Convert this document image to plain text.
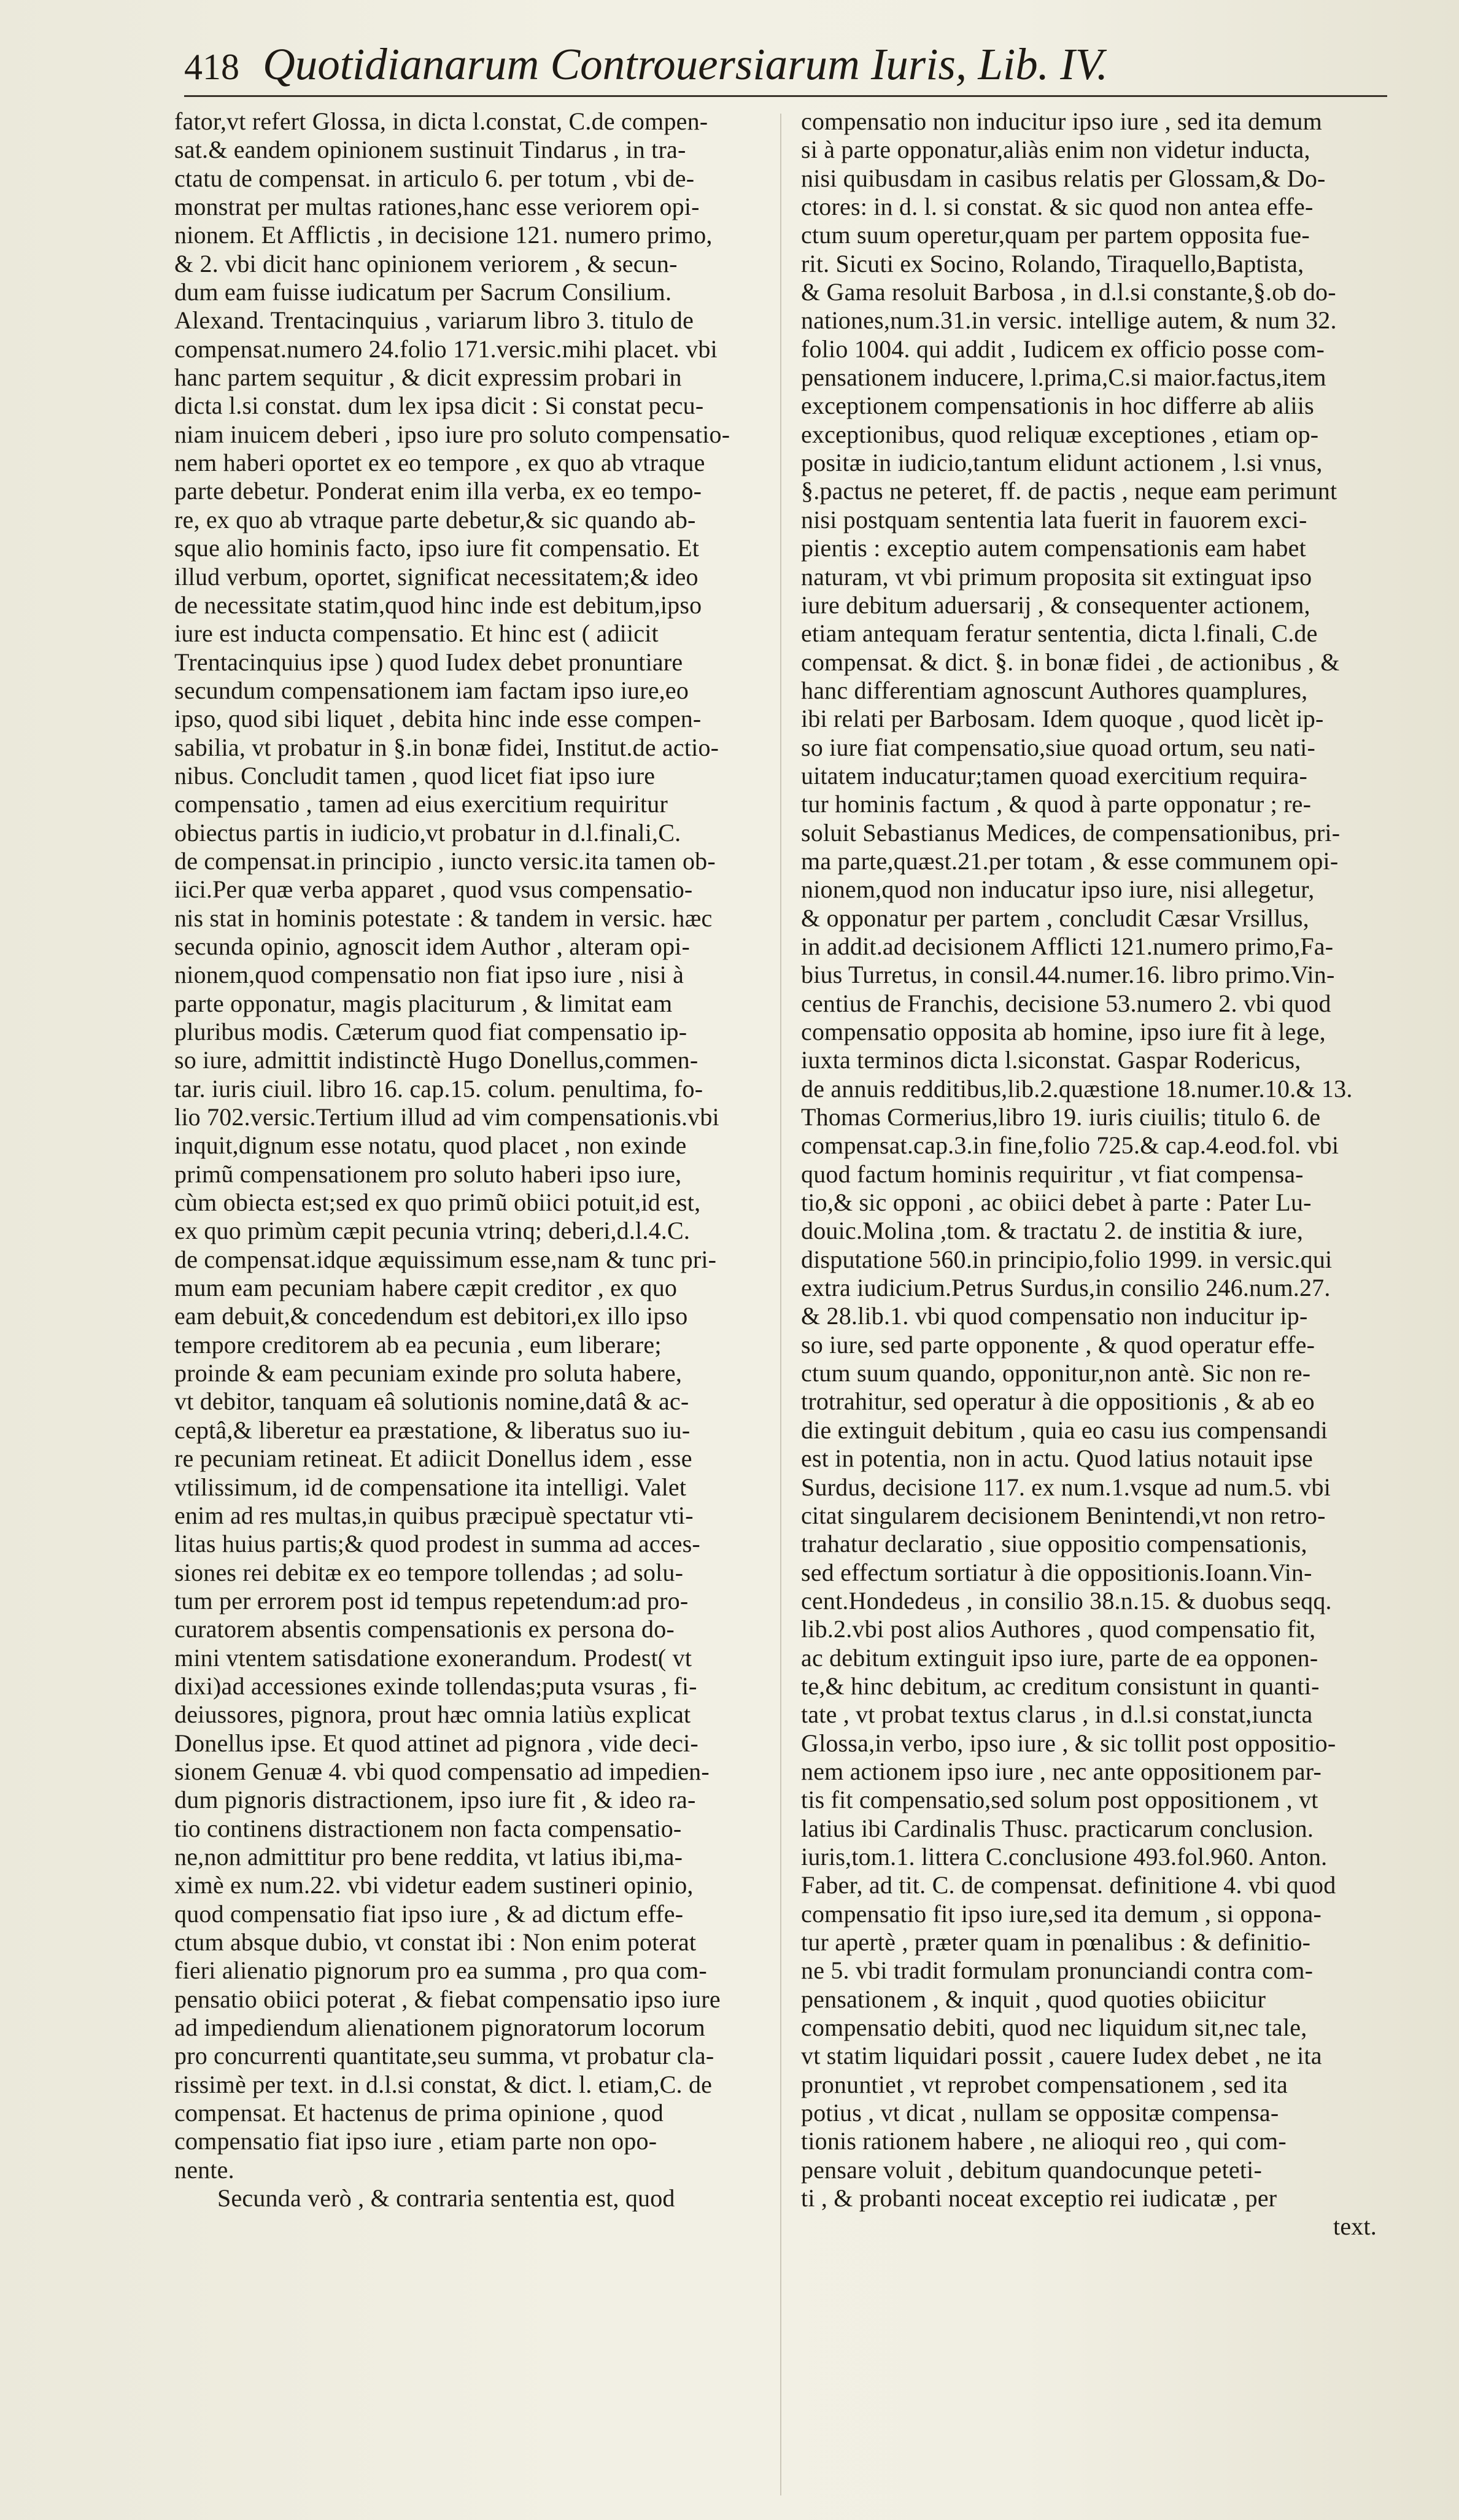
418 Quotidianarum Controuersiarum Iuris, Lib. IV.
fator,vt refert Glossa, in dicta l.constat, C.de compen-
sat.& eandem opinionem sustinuit Tindarus , in tra-
ctatu de compensat. in articulo 6. per totum , vbi de-
monstrat per multas rationes,hanc esse veriorem opi-
nionem. Et Afflictis , in decisione 121. numero primo,
& 2. vbi dicit hanc opinionem veriorem , & secun-
dum eam fuisse iudicatum per Sacrum Consilium.
Alexand. Trentacinquius , variarum libro 3. titulo de
compensat.numero 24.folio 171.versic.mihi placet. vbi
hanc partem sequitur , & dicit expressim probari in
dicta l.si constat. dum lex ipsa dicit : Si constat pecu-
niam inuicem deberi , ipso iure pro soluto compensatio-
nem haberi oportet ex eo tempore , ex quo ab vtraque
parte debetur. Ponderat enim illa verba, ex eo tempo-
re, ex quo ab vtraque parte debetur,& sic quando ab-
sque alio hominis facto, ipso iure fit compensatio. Et
illud verbum, oportet, significat necessitatem;& ideo
de necessitate statim,quod hinc inde est debitum,ipso
iure est inducta compensatio. Et hinc est ( adiicit
Trentacinquius ipse ) quod Iudex debet pronuntiare
secundum compensationem iam factam ipso iure,eo
ipso, quod sibi liquet , debita hinc inde esse compen-
sabilia, vt probatur in §.in bonæ fidei, Institut.de actio-
nibus. Concludit tamen , quod licet fiat ipso iure
compensatio , tamen ad eius exercitium requiritur
obiectus partis in iudicio,vt probatur in d.l.finali,C.
de compensat.in principio , iuncto versic.ita tamen ob-
iici.Per quæ verba apparet , quod vsus compensatio-
nis stat in hominis potestate : & tandem in versic. hæc
secunda opinio, agnoscit idem Author , alteram opi-
nionem,quod compensatio non fiat ipso iure , nisi à
parte opponatur, magis placiturum , & limitat eam
pluribus modis. Cæterum quod fiat compensatio ip-
so iure, admittit indistinctè Hugo Donellus,commen-
tar. iuris ciuil. libro 16. cap.15. colum. penultima, fo-
lio 702.versic.Tertium illud ad vim compensationis.vbi
inquit,dignum esse notatu, quod placet , non exinde
primũ compensationem pro soluto haberi ipso iure,
cùm obiecta est;sed ex quo primũ obiici potuit,id est,
ex quo primùm cæpit pecunia vtrinq; deberi,d.l.4.C.
de compensat.idque æquissimum esse,nam & tunc pri-
mum eam pecuniam habere cæpit creditor , ex quo
eam debuit,& concedendum est debitori,ex illo ipso
tempore creditorem ab ea pecunia , eum liberare;
proinde & eam pecuniam exinde pro soluta habere,
vt debitor, tanquam eâ solutionis nomine,datâ & ac-
ceptâ,& liberetur ea præstatione, & liberatus suo iu-
re pecuniam retineat. Et adiicit Donellus idem , esse
vtilissimum, id de compensatione ita intelligi. Valet
enim ad res multas,in quibus præcipuè spectatur vti-
litas huius partis;& quod prodest in summa ad acces-
siones rei debitæ ex eo tempore tollendas ; ad solu-
tum per errorem post id tempus repetendum:ad pro-
curatorem absentis compensationis ex persona do-
mini vtentem satisdatione exonerandum. Prodest( vt
dixi)ad accessiones exinde tollendas;puta vsuras , fi-
deiussores, pignora, prout hæc omnia latiùs explicat
Donellus ipse. Et quod attinet ad pignora , vide deci-
sionem Genuæ 4. vbi quod compensatio ad impedien-
dum pignoris distractionem, ipso iure fit , & ideo ra-
tio continens distractionem non facta compensatio-
ne,non admittitur pro bene reddita, vt latius ibi,ma-
ximè ex num.22. vbi videtur eadem sustineri opinio,
quod compensatio fiat ipso iure , & ad dictum effe-
ctum absque dubio, vt constat ibi : Non enim poterat
fieri alienatio pignorum pro ea summa , pro qua com-
pensatio obiici poterat , & fiebat compensatio ipso iure
ad impediendum alienationem pignoratorum locorum
pro concurrenti quantitate,seu summa, vt probatur cla-
rissimè per text. in d.l.si constat, & dict. l. etiam,C. de
compensat. Et hactenus de prima opinione , quod
compensatio fiat ipso iure , etiam parte non opo-
nente.
Secunda verò , & contraria sententia est, quod
compensatio non inducitur ipso iure , sed ita demum
si à parte opponatur,aliàs enim non videtur inducta,
nisi quibusdam in casibus relatis per Glossam,& Do-
ctores: in d. l. si constat. & sic quod non antea effe-
ctum suum operetur,quam per partem opposita fue-
rit. Sicuti ex Socino, Rolando, Tiraquello,Baptista,
& Gama resoluit Barbosa , in d.l.si constante,§.ob do-
nationes,num.31.in versic. intellige autem, & num 32.
folio 1004. qui addit , Iudicem ex officio posse com-
pensationem inducere, l.prima,C.si maior.factus,item
exceptionem compensationis in hoc differre ab aliis
exceptionibus, quod reliquæ exceptiones , etiam op-
positæ in iudicio,tantum elidunt actionem , l.si vnus,
§.pactus ne peteret, ff. de pactis , neque eam perimunt
nisi postquam sententia lata fuerit in fauorem exci-
pientis : exceptio autem compensationis eam habet
naturam, vt vbi primum proposita sit extinguat ipso
iure debitum aduersarij , & consequenter actionem,
etiam antequam feratur sententia, dicta l.finali, C.de
compensat. & dict. §. in bonæ fidei , de actionibus , &
hanc differentiam agnoscunt Authores quamplures,
ibi relati per Barbosam. Idem quoque , quod licèt ip-
so iure fiat compensatio,siue quoad ortum, seu nati-
uitatem inducatur;tamen quoad exercitium requira-
tur hominis factum , & quod à parte opponatur ; re-
soluit Sebastianus Medices, de compensationibus, pri-
ma parte,quæst.21.per totam , & esse communem opi-
nionem,quod non inducatur ipso iure, nisi allegetur,
& opponatur per partem , concludit Cæsar Vrsillus,
in addit.ad decisionem Afflicti 121.numero primo,Fa-
bius Turretus, in consil.44.numer.16. libro primo.Vin-
centius de Franchis, decisione 53.numero 2. vbi quod
compensatio opposita ab homine, ipso iure fit à lege,
iuxta terminos dicta l.siconstat. Gaspar Rodericus,
de annuis redditibus,lib.2.quæstione 18.numer.10.& 13.
Thomas Cormerius,libro 19. iuris ciuilis; titulo 6. de
compensat.cap.3.in fine,folio 725.& cap.4.eod.fol. vbi
quod factum hominis requiritur , vt fiat compensa-
tio,& sic opponi , ac obiici debet à parte : Pater Lu-
douic.Molina ,tom. & tractatu 2. de institia & iure,
disputatione 560.in principio,folio 1999. in versic.qui
extra iudicium.Petrus Surdus,in consilio 246.num.27.
& 28.lib.1. vbi quod compensatio non inducitur ip-
so iure, sed parte opponente , & quod operatur effe-
ctum suum quando, opponitur,non antè. Sic non re-
trotrahitur, sed operatur à die oppositionis , & ab eo
die extinguit debitum , quia eo casu ius compensandi
est in potentia, non in actu. Quod latius notauit ipse
Surdus, decisione 117. ex num.1.vsque ad num.5. vbi
citat singularem decisionem Benintendi,vt non retro-
trahatur declaratio , siue oppositio compensationis,
sed effectum sortiatur à die oppositionis.Ioann.Vin-
cent.Hondedeus , in consilio 38.n.15. & duobus seqq.
lib.2.vbi post alios Authores , quod compensatio fit,
ac debitum extinguit ipso iure, parte de ea opponen-
te,& hinc debitum, ac creditum consistunt in quanti-
tate , vt probat textus clarus , in d.l.si constat,iuncta
Glossa,in verbo, ipso iure , & sic tollit post oppositio-
nem actionem ipso iure , nec ante oppositionem par-
tis fit compensatio,sed solum post oppositionem , vt
latius ibi Cardinalis Thusc. practicarum conclusion.
iuris,tom.1. littera C.conclusione 493.fol.960. Anton.
Faber, ad tit. C. de compensat. definitione 4. vbi quod
compensatio fit ipso iure,sed ita demum , si oppona-
tur apertè , præter quam in pœnalibus : & definitio-
ne 5. vbi tradit formulam pronunciandi contra com-
pensationem , & inquit , quod quoties obiicitur
compensatio debiti, quod nec liquidum sit,nec tale,
vt statim liquidari possit , cauere Iudex debet , ne ita
pronuntiet , vt reprobet compensationem , sed ita
potius , vt dicat , nullam se oppositæ compensa-
tionis rationem habere , ne alioqui reo , qui com-
pensare voluit , debitum quandocunque peteti-
ti , & probanti noceat exceptio rei iudicatæ , per
text.
